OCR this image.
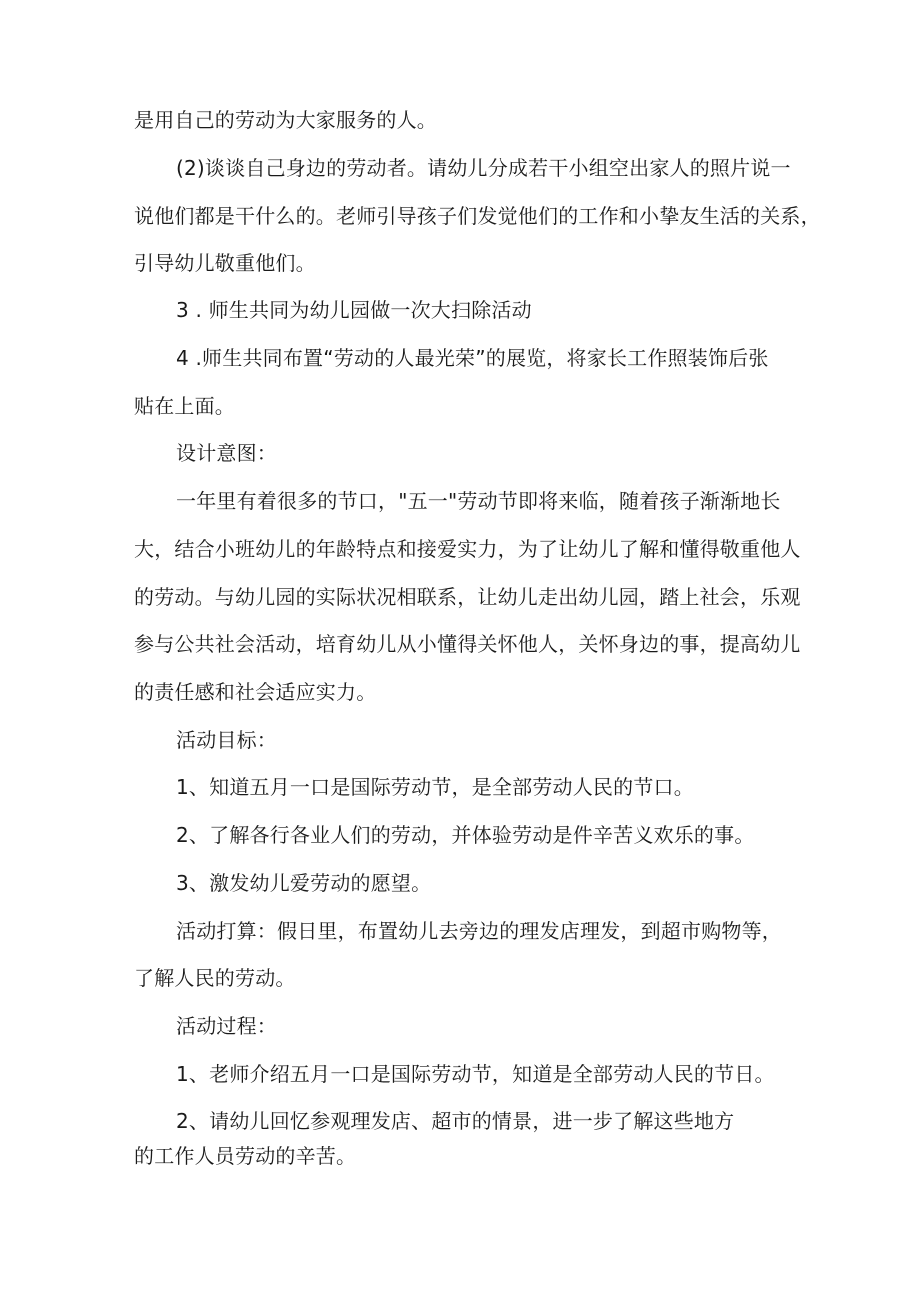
是用自己的劳动为大家服务的人。
(2)谈谈自己身边的劳动者。请幼儿分成若干小组空出家人的照片说一
说他们都是干什么的。老师引导孩子们发觉他们的工作和小挚友生活的关系，
引导幼儿敬重他们。
3 . 师生共同为幼儿园做一次大扫除活动
4 .师生共同布置“劳动的人最光荣”的展览，将家长工作照装饰后张
贴在上面。
设计意图：
一年里有着很多的节口，"五一"劳动节即将来临，随着孩子渐渐地长
大，结合小班幼儿的年龄特点和接爱实力，为了让幼儿了解和懂得敬重他人
的劳动。与幼儿园的实际状况相联系，让幼儿走出幼儿园，踏上社会，乐观
参与公共社会活动，培育幼儿从小懂得关怀他人，关怀身边的事，提高幼儿
的责任感和社会适应实力。
活动目标：
1、知道五月一口是国际劳动节，是全部劳动人民的节口。
2、了解各行各业人们的劳动，并体验劳动是件辛苦义欢乐的事。
3、激发幼儿爱劳动的愿望。
活动打算：假日里，布置幼儿去旁边的理发店理发，到超市购物等，
了解人民的劳动。
活动过程：
1、老师介绍五月一口是国际劳动节，知道是全部劳动人民的节日。
2、请幼儿回忆参观理发店、超市的情景，进一步了解这些地方
的工作人员劳动的辛苦。
